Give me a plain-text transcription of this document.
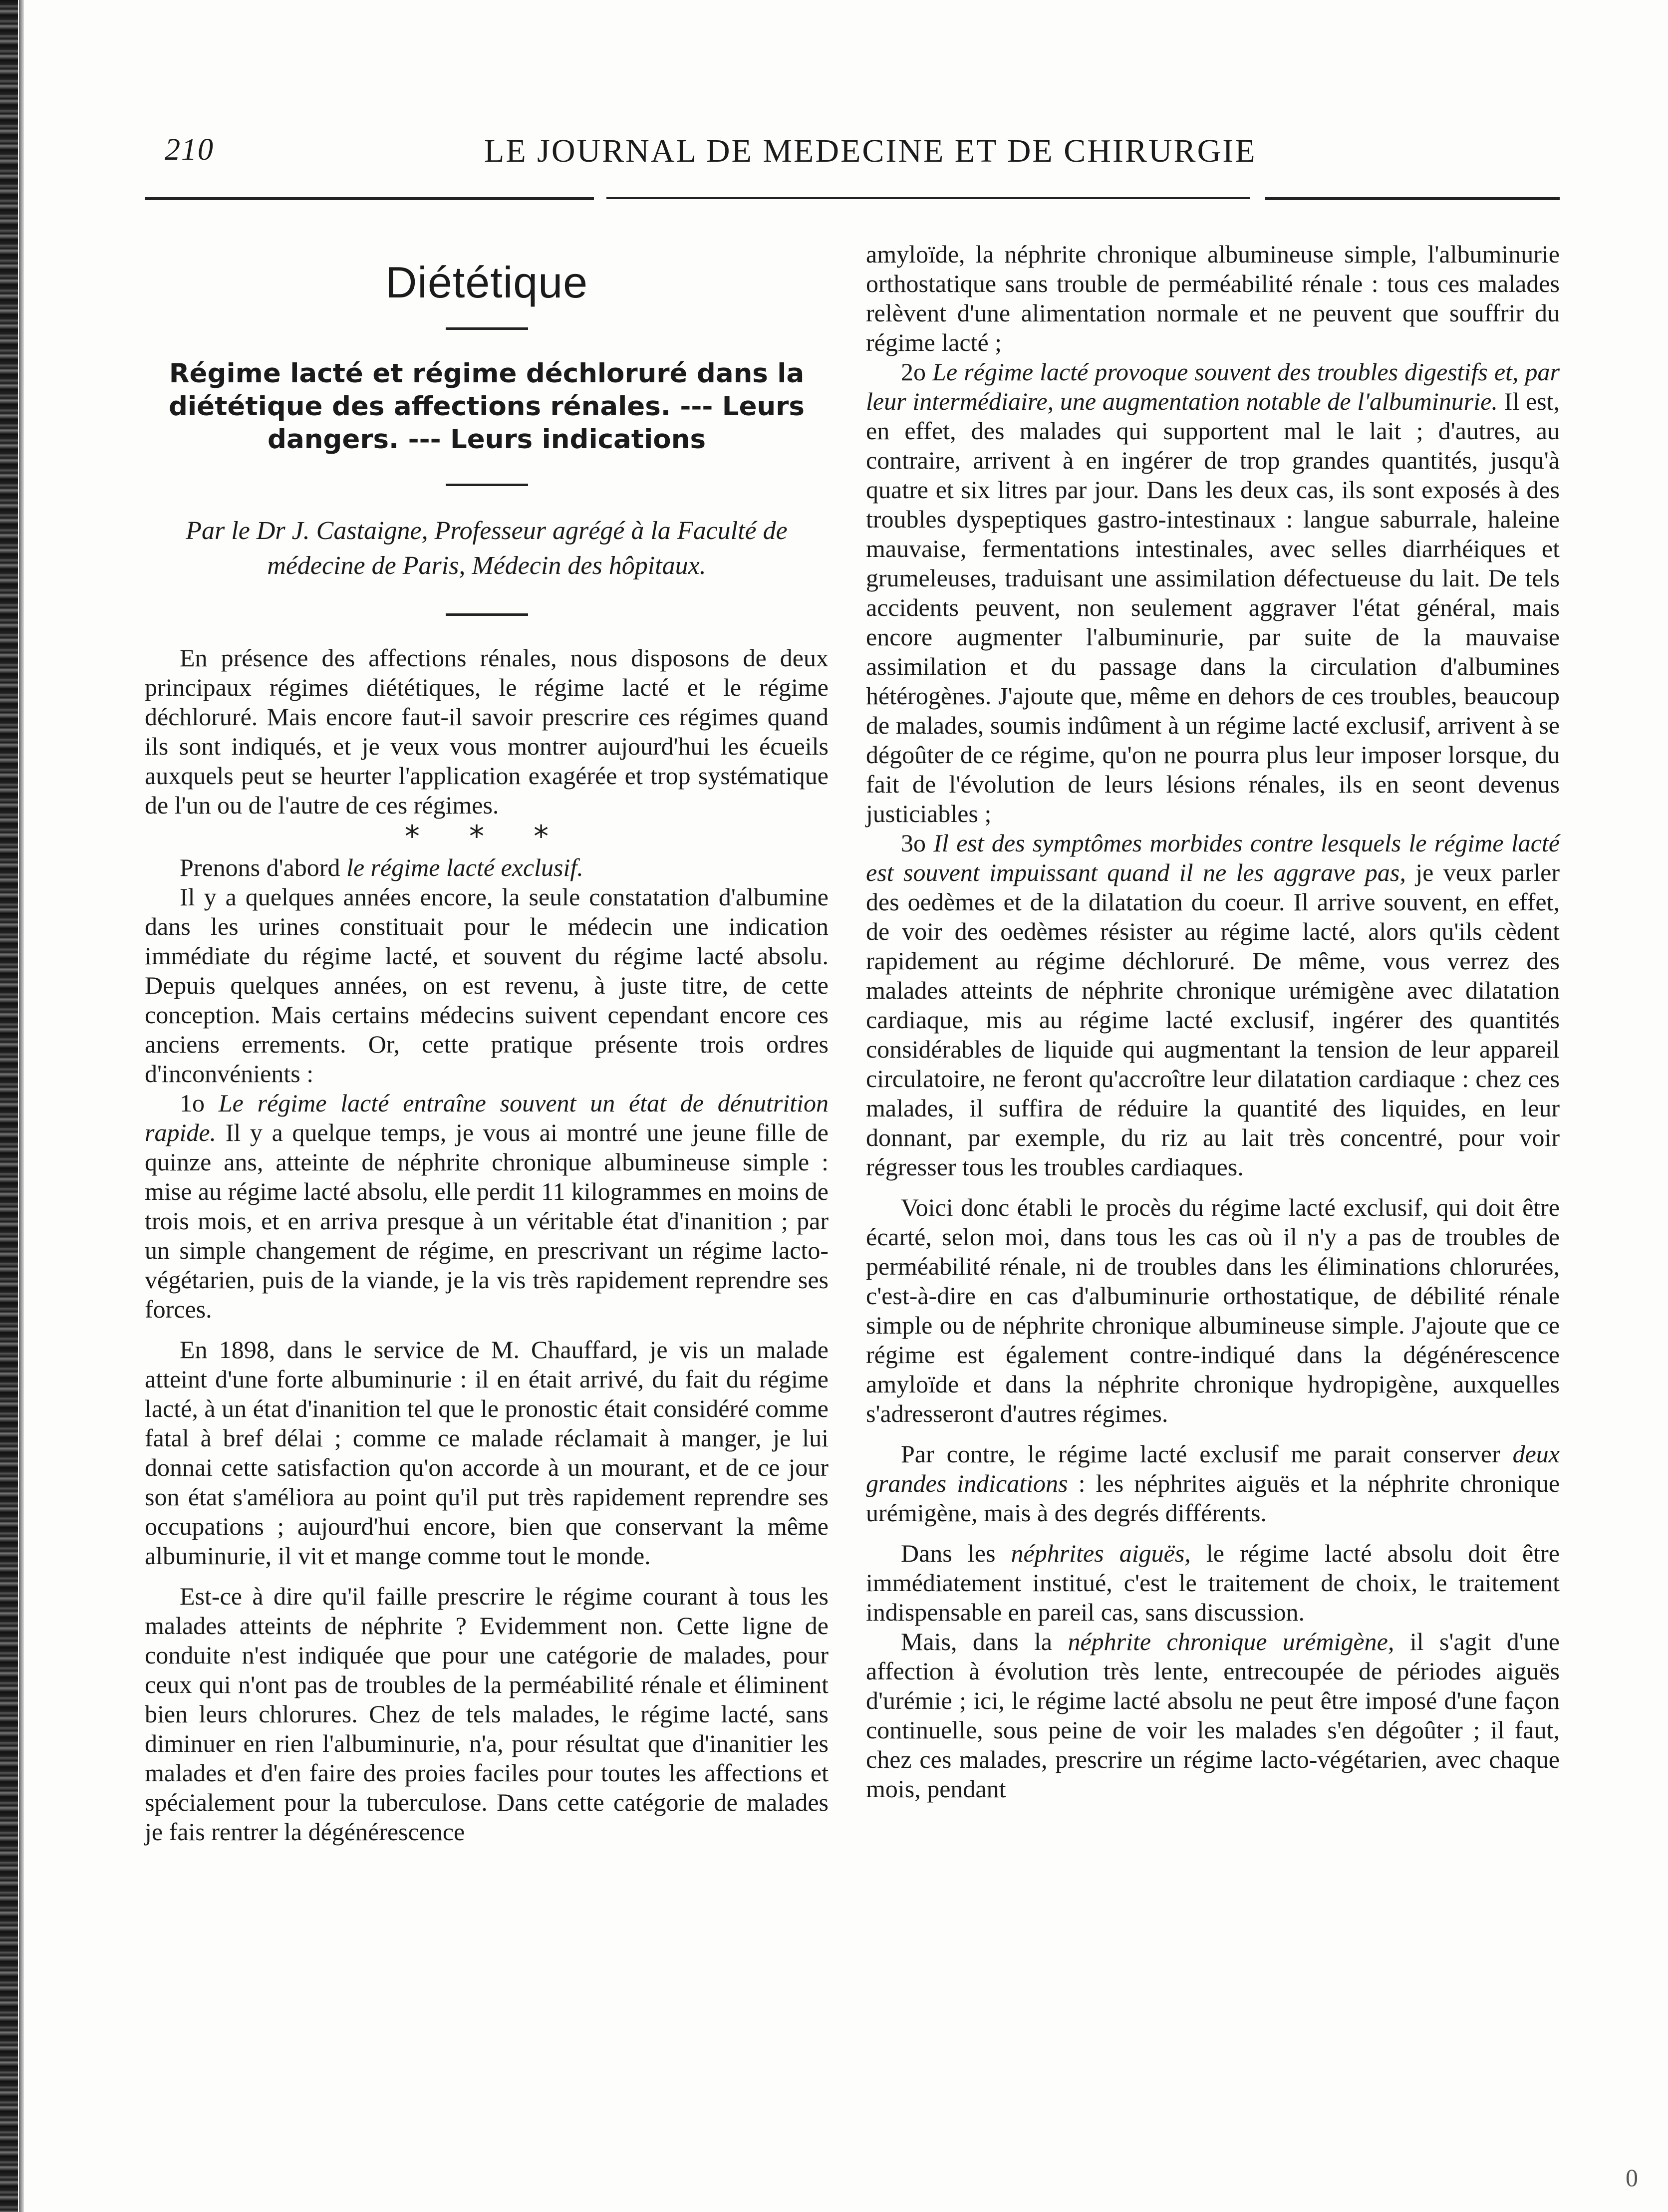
210	LE JOURNAL DE MEDECINE ET DE CHIRURGIE
Diététique
Régime lacté et régime déchloruré dans la diététique des affections rénales. --- Leurs dangers. --- Leurs indications
Par le Dr J. Castaigne, Professeur agrégé à la Faculté de médecine de Paris, Médecin des hôpitaux.

En présence des affections rénales, nous disposons de deux principaux régimes diététiques, le régime lacté et le régime déchloruré. Mais encore faut-il savoir prescrire ces régimes quand ils sont indiqués, et je veux vous montrer aujourd'hui les écueils auxquels peut se heurter l'application exagérée et trop systématique de l'un ou de l'autre de ces régimes.

* * *

Prenons d'abord le régime lacté exclusif.

Il y a quelques années encore, la seule constatation d'albumine dans les urines constituait pour le médecin une indication immédiate du régime lacté, et souvent du régime lacté absolu. Depuis quelques années, on est revenu, à juste titre, de cette conception. Mais certains médecins suivent cependant encore ces anciens errements. Or, cette pratique présente trois ordres d'inconvénients :

1o Le régime lacté entraîne souvent un état de dénutrition rapide. Il y a quelque temps, je vous ai montré une jeune fille de quinze ans, atteinte de néphrite chronique albumineuse simple : mise au régime lacté absolu, elle perdit 11 kilogrammes en moins de trois mois, et en arriva presque à un véritable état d'inanition ; par un simple changement de régime, en prescrivant un régime lacto-végétarien, puis de la viande, je la vis très rapidement reprendre ses forces.

En 1898, dans le service de M. Chauffard, je vis un malade atteint d'une forte albuminurie : il en était arrivé, du fait du régime lacté, à un état d'inanition tel que le pronostic était considéré comme fatal à bref délai ; comme ce malade réclamait à manger, je lui donnai cette satisfaction qu'on accorde à un mourant, et de ce jour son état s'améliora au point qu'il put très rapidement reprendre ses occupations ; aujourd'hui encore, bien que conservant la même albuminurie, il vit et mange comme tout le monde.

Est-ce à dire qu'il faille prescrire le régime courant à tous les malades atteints de néphrite ? Evidemment non. Cette ligne de conduite n'est indiquée que pour une catégorie de malades, pour ceux qui n'ont pas de troubles de la perméabilité rénale et éliminent bien leurs chlorures. Chez de tels malades, le régime lacté, sans diminuer en rien l'albuminurie, n'a, pour résultat que d'inanitier les malades et d'en faire des proies faciles pour toutes les affections et spécialement pour la tuberculose. Dans cette catégorie de malades je fais rentrer la dégénérescence

amyloïde, la néphrite chronique albumineuse simple, l'albuminurie orthostatique sans trouble de perméabilité rénale : tous ces malades relèvent d'une alimentation normale et ne peuvent que souffrir du régime lacté ;

2o Le régime lacté provoque souvent des troubles digestifs et, par leur intermédiaire, une augmentation notable de l'albuminurie. Il est, en effet, des malades qui supportent mal le lait ; d'autres, au contraire, arrivent à en ingérer de trop grandes quantités, jusqu'à quatre et six litres par jour. Dans les deux cas, ils sont exposés à des troubles dyspeptiques gastro-intestinaux : langue saburrale, haleine mauvaise, fermentations intestinales, avec selles diarrhéiques et grumeleuses, traduisant une assimilation défectueuse du lait. De tels accidents peuvent, non seulement aggraver l'état général, mais encore augmenter l'albuminurie, par suite de la mauvaise assimilation et du passage dans la circulation d'albumines hétérogènes. J'ajoute que, même en dehors de ces troubles, beaucoup de malades, soumis indûment à un régime lacté exclusif, arrivent à se dégoûter de ce régime, qu'on ne pourra plus leur imposer lorsque, du fait de l'évolution de leurs lésions rénales, ils en seont devenus justiciables ;

3o Il est des symptômes morbides contre lesquels le régime lacté est souvent impuissant quand il ne les aggrave pas, je veux parler des oedèmes et de la dilatation du coeur. Il arrive souvent, en effet, de voir des oedèmes résister au régime lacté, alors qu'ils cèdent rapidement au régime déchloruré. De même, vous verrez des malades atteints de néphrite chronique urémigène avec dilatation cardiaque, mis au régime lacté exclusif, ingérer des quantités considérables de liquide qui augmentant la tension de leur appareil circulatoire, ne feront qu'accroître leur dilatation cardiaque : chez ces malades, il suffira de réduire la quantité des liquides, en leur donnant, par exemple, du riz au lait très concentré, pour voir régresser tous les troubles cardiaques.

Voici donc établi le procès du régime lacté exclusif, qui doit être écarté, selon moi, dans tous les cas où il n'y a pas de troubles de perméabilité rénale, ni de troubles dans les éliminations chlorurées, c'est-à-dire en cas d'albuminurie orthostatique, de débilité rénale simple ou de néphrite chronique albumineuse simple. J'ajoute que ce régime est également contre-indiqué dans la dégénérescence amyloïde et dans la néphrite chronique hydropigène, auxquelles s'adresseront d'autres régimes.

Par contre, le régime lacté exclusif me parait conserver deux grandes indications : les néphrites aiguës et la néphrite chronique urémigène, mais à des degrés différents.

Dans les néphrites aiguës, le régime lacté absolu doit être immédiatement institué, c'est le traitement de choix, le traitement indispensable en pareil cas, sans discussion.

Mais, dans la néphrite chronique urémigène, il s'agit d'une affection à évolution très lente, entrecoupée de périodes aiguës d'urémie ; ici, le régime lacté absolu ne peut être imposé d'une façon continuelle, sous peine de voir les malades s'en dégoûter ; il faut, chez ces malades, prescrire un régime lacto-végétarien, avec chaque mois, pendant

0
